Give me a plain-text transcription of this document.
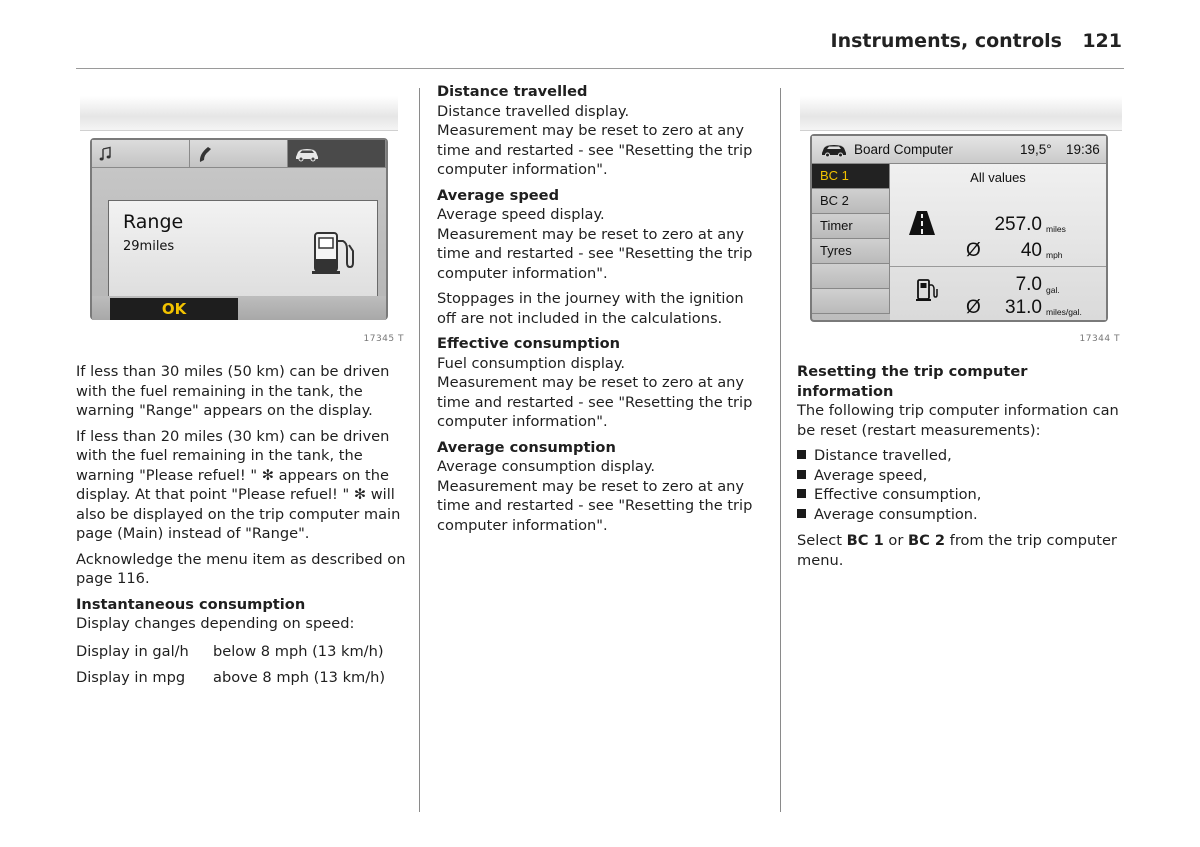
Instruments, controls 121
Range
29miles
OK
17345 T

If less than 30 miles (50 km) can be driven with the fuel remaining in the tank, the warning "Range" appears on the display.

If less than 20 miles (30 km) can be driven with the fuel remaining in the tank, the warning "Please refuel! " ✻ appears on the display. At that point "Please refuel! " ✻ will also be displayed on the trip computer main page (Main) instead of "Range".

Acknowledge the menu item as described on page 116.

Instantaneous consumption

Display changes depending on speed:

Display in gal/h	below 8 mph (13 km/h)
Display in mpg	above 8 mph (13 km/h)

Distance travelled

Distance travelled display.

Measurement may be reset to zero at any time and restarted - see "Resetting the trip computer information".

Average speed

Average speed display.

Measurement may be reset to zero at any time and restarted - see "Resetting the trip computer information".

Stoppages in the journey with the ignition off are not included in the calculations.

Effective consumption

Fuel consumption display.

Measurement may be reset to zero at any time and restarted - see "Resetting the trip computer information".

Average consumption

Average consumption display.

Measurement may be reset to zero at any time and restarted - see "Resetting the trip computer information".

Board Computer	19,5° 19:36
BC 1
BC 2
Timer
Tyres
All values
257.0 miles
Ø	40 mph
7.0 gal.
Ø	31.0 miles/gal.
17344 T

Resetting the trip computer information

The following trip computer information can be reset (restart measurements):

Distance travelled,
Average speed,
Effective consumption,
Average consumption.

Select BC 1 or BC 2 from the trip computer menu.
